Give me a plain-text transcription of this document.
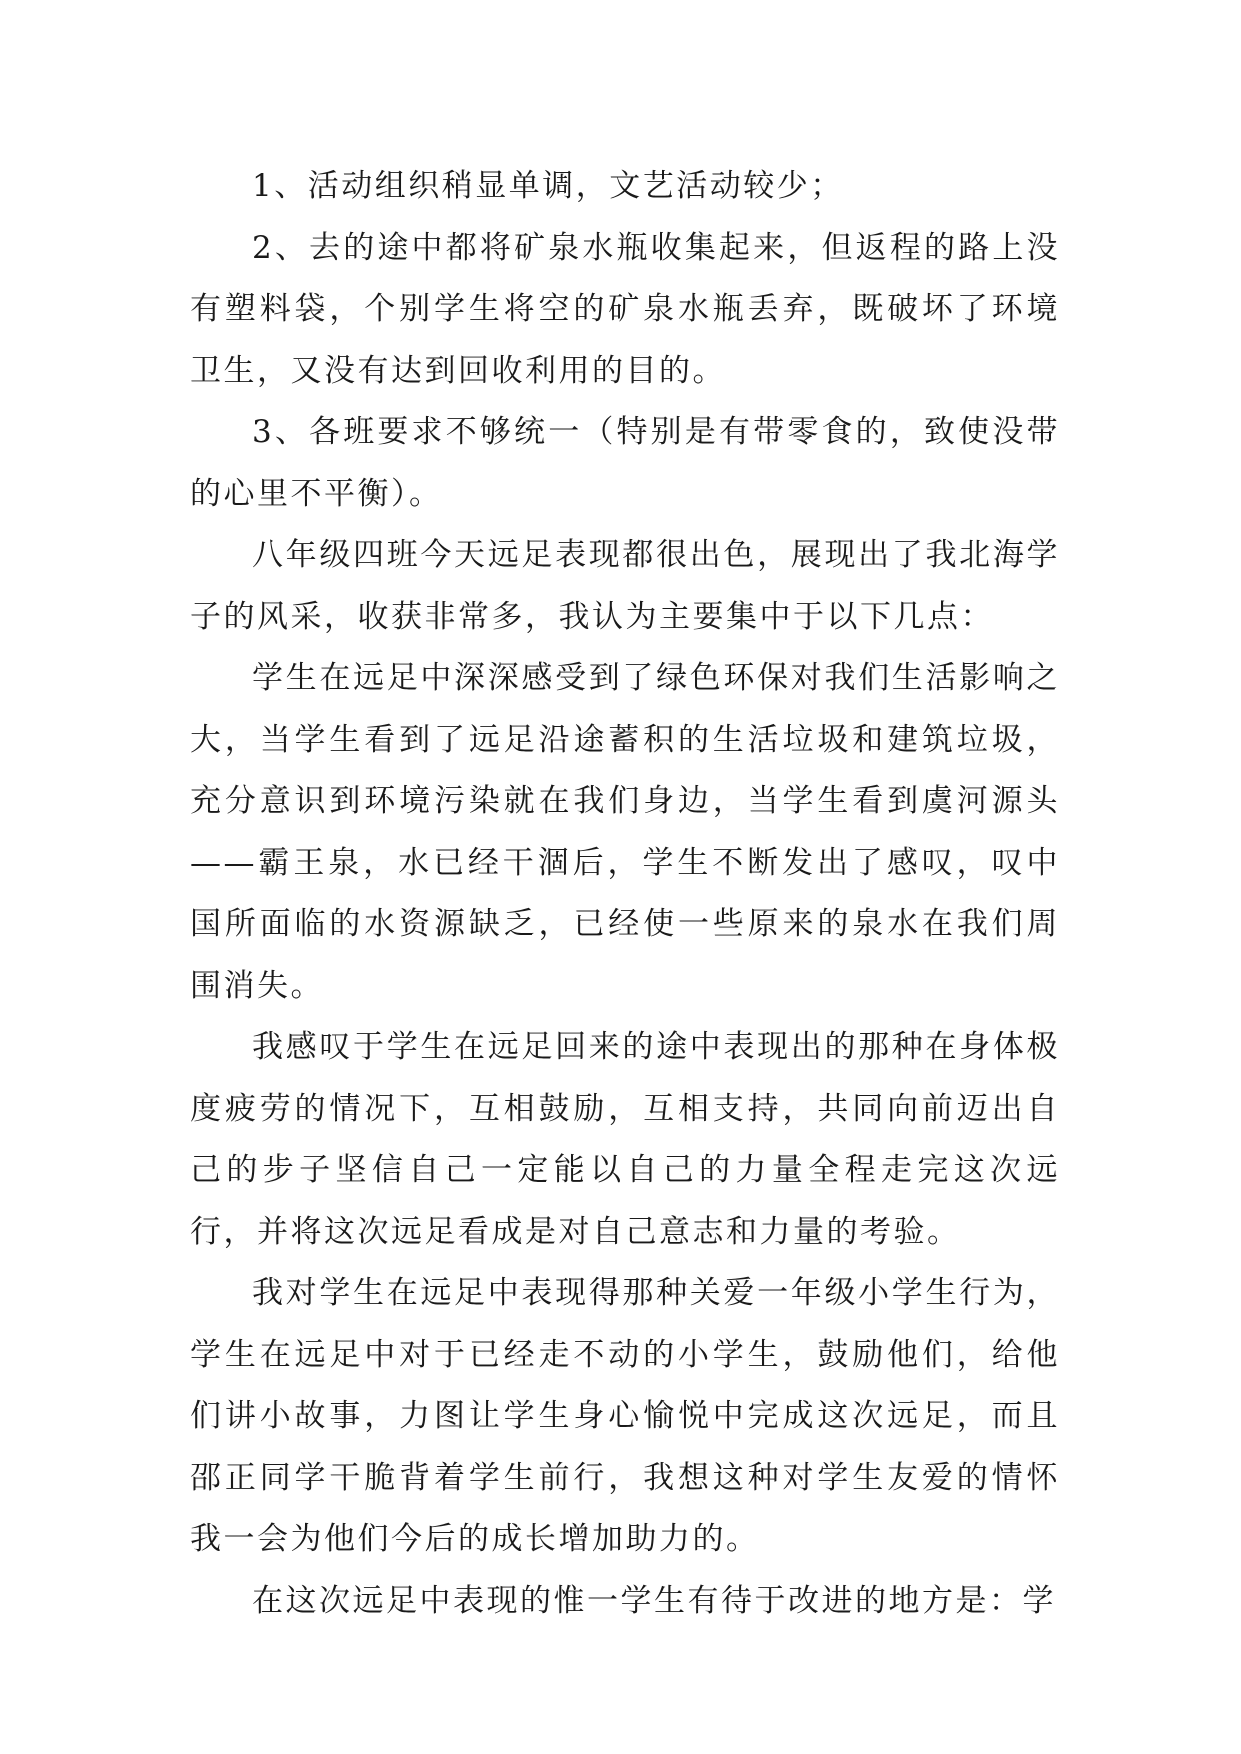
1、活动组织稍显单调，文艺活动较少；

2、去的途中都将矿泉水瓶收集起来，但返程的路上没有塑料袋，个别学生将空的矿泉水瓶丢弃，既破坏了环境卫生，又没有达到回收利用的目的。

3、各班要求不够统一（特别是有带零食的，致使没带的心里不平衡）。

八年级四班今天远足表现都很出色，展现出了我北海学子的风采，收获非常多，我认为主要集中于以下几点：

学生在远足中深深感受到了绿色环保对我们生活影响之大，当学生看到了远足沿途蓄积的生活垃圾和建筑垃圾，充分意识到环境污染就在我们身边，当学生看到虞河源头——霸王泉，水已经干涸后，学生不断发出了感叹，叹中国所面临的水资源缺乏，已经使一些原来的泉水在我们周围消失。

我感叹于学生在远足回来的途中表现出的那种在身体极度疲劳的情况下，互相鼓励，互相支持，共同向前迈出自己的步子坚信自己一定能以自己的力量全程走完这次远行，并将这次远足看成是对自己意志和力量的考验。

我对学生在远足中表现得那种关爱一年级小学生行为，学生在远足中对于已经走不动的小学生，鼓励他们，给他们讲小故事，力图让学生身心愉悦中完成这次远足，而且邵正同学干脆背着学生前行，我想这种对学生友爱的情怀我一会为他们今后的成长增加助力的。

在这次远足中表现的惟一学生有待于改进的地方是：学
